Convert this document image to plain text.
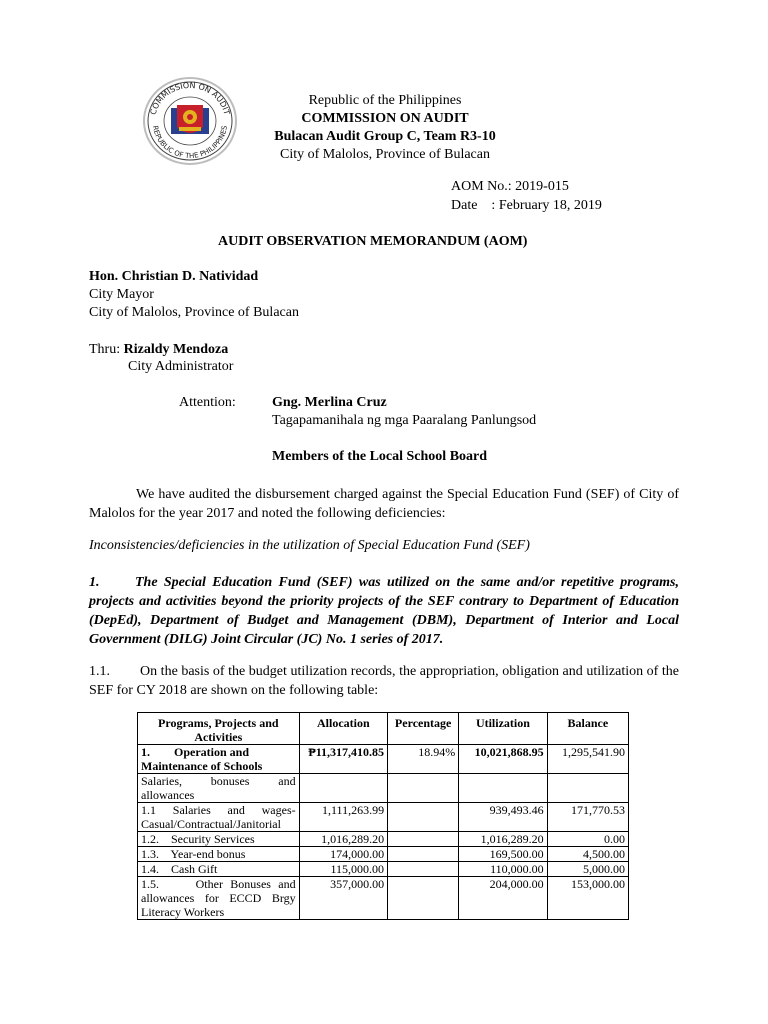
COMMISSION ON AUDIT
REPUBLIC OF THE PHILIPPINES
Republic of the Philippines
COMMISSION ON AUDIT
Bulacan Audit Group C, Team R3-10
City of Malolos, Province of Bulacan
AOM No.: 2019-015
Date    : February 18, 2019
AUDIT OBSERVATION MEMORANDUM (AOM)
Hon. Christian D. Natividad
City Mayor
City of Malolos, Province of Bulacan
Thru: Rizaldy Mendoza
City Administrator
Attention:	Gng. Merlina Cruz
Tagapamanihala ng mga Paaralang Panlungsod
Members of the Local School Board
We have audited the disbursement charged against the Special Education Fund (SEF) of City of Malolos for the year 2017 and noted the following deficiencies:
Inconsistencies/deficiencies in the utilization of Special Education Fund (SEF)
1.	The Special Education Fund (SEF) was utilized on the same and/or repetitive programs, projects and activities beyond the priority projects of the SEF contrary to Department of Education (DepEd), Department of Budget and Management (DBM), Department of Interior and Local Government (DILG) Joint Circular (JC) No. 1 series of 2017.
1.1. On the basis of the budget utilization records, the appropriation, obligation and utilization of the SEF for CY 2018 are shown on the following table:
Programs, Projects and Activities	Allocation	Percentage	Utilization	Balance
1.        Operation and Maintenance of Schools	₱11,317,410.85	18.94%	10,021,868.95	1,295,541.90
Salaries, bonuses and allowances				
1.1 Salaries and wages-Casual/Contractual/Janitorial	1,111,263.99		939,493.46	171,770.53
1.2.    Security Services	1,016,289.20		1,016,289.20	0.00
1.3.    Year-end bonus	174,000.00		169,500.00	4,500.00
1.4.    Cash Gift	115,000.00		110,000.00	5,000.00
1.5.     Other Bonuses and allowances for ECCD Brgy Literacy Workers	357,000.00		204,000.00	153,000.00
